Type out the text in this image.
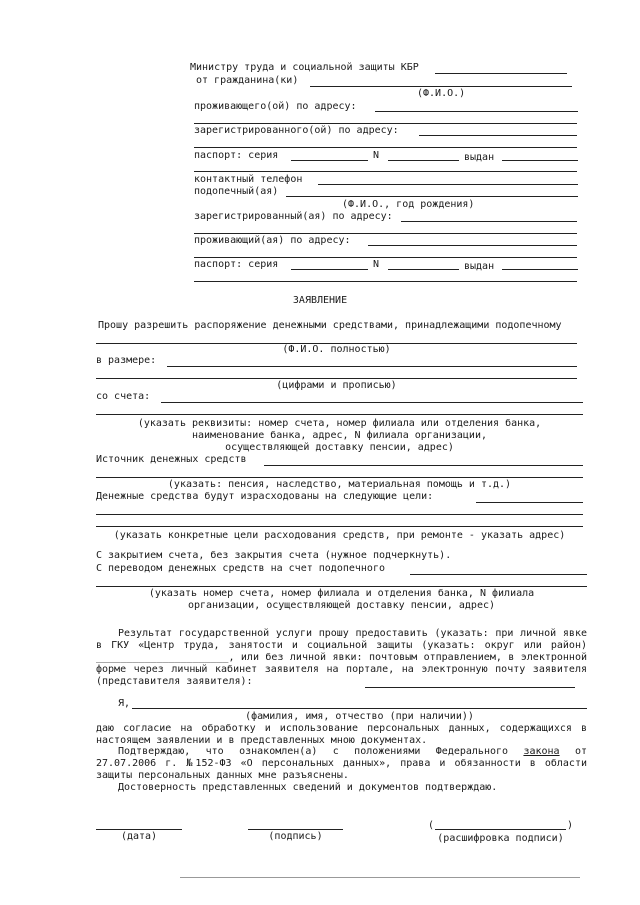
Министру труда и социальной защиты КБР
от гражданина(ки)
(Ф.И.О.)
проживающего(ой) по адресу:
зарегистрированного(ой) по адресу:
паспорт: серия	N	выдан
контактный телефон
подопечный(ая)
(Ф.И.О., год рождения)
зарегистрированный(ая) по адресу:
проживающий(ая) по адресу:
паспорт: серия	N	выдан
ЗАЯВЛЕНИЕ
Прошу разрешить распоряжение денежными средствами, принадлежащими подопечному
(Ф.И.О. полностью)
в размере:
(цифрами и прописью)
со счета:
(указать реквизиты: номер счета, номер филиала или отделения банка,
наименование банка, адрес, N филиала организации,
осуществляющей доставку пенсии, адрес)
Источник денежных средств
(указать: пенсия, наследство, материальная помощь и т.д.)
Денежные средства будут израсходованы на следующие цели:
(указать конкретные цели расходования средств, при ремонте - указать адрес)
С закрытием счета, без закрытия счета (нужное подчеркнуть).
С переводом денежных средств на счет подопечного
(указать номер счета, номер филиала и отделения банка, N филиала
организации, осуществляющей доставку пенсии, адрес)
Результат государственной услуги прошу предоставить (указать: при личной явке в ГКУ «Центр труда, занятости и социальной защиты (указать: округ или район) ______________________, или без личной явки: почтовым отправлением, в электронной форме через личный кабинет заявителя на портале, на электронную почту заявителя (представителя заявителя):
Я,
(фамилия, имя, отчество (при наличии))
даю согласие на обработку и использование персональных данных, содержащихся в настоящем заявлении и в представленных мною документах.
Подтверждаю, что ознакомлен(а) с положениями Федерального закона от 27.07.2006 г. №152-ФЗ «О персональных данных», права и обязанности в области защиты персональных данных мне разъяснены.
Достоверность представленных сведений и документов подтверждаю.
(дата)	(подпись)
(	)
(расшифровка подписи)
